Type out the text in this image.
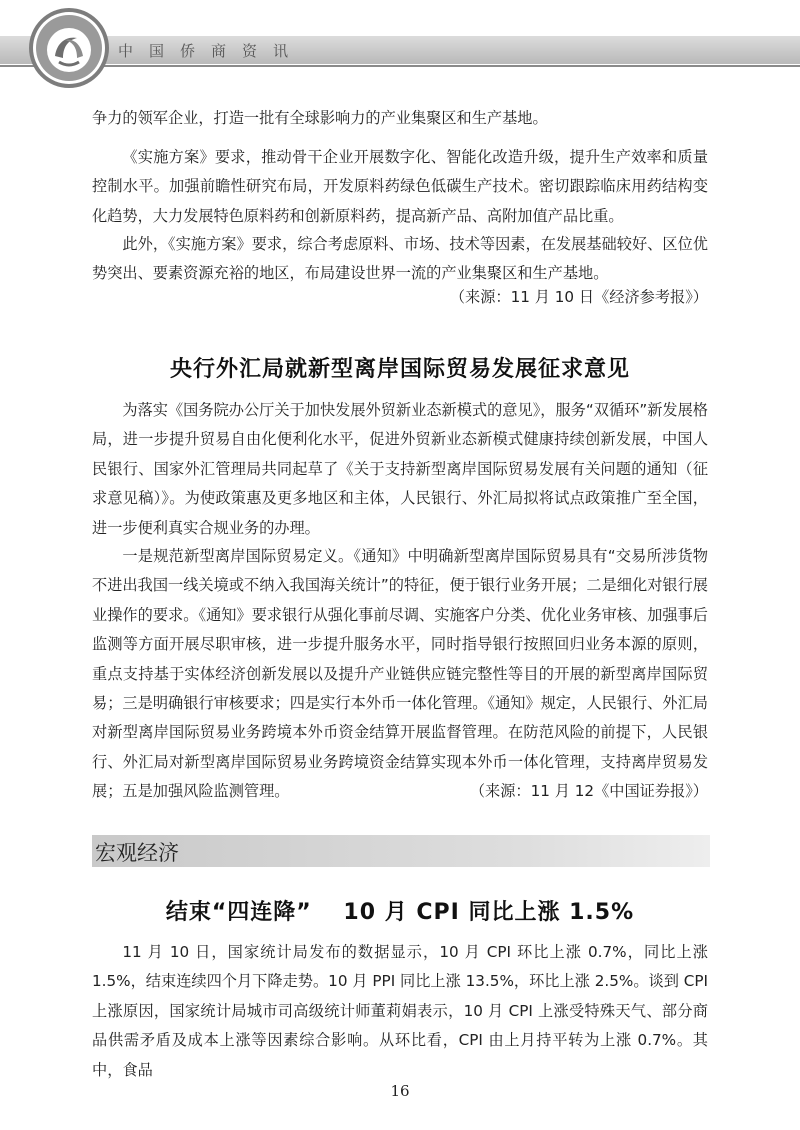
中国侨商资讯

争力的领军企业，打造一批有全球影响力的产业集聚区和生产基地。

《实施方案》要求，推动骨干企业开展数字化、智能化改造升级，提升生产效率和质量控制水平。加强前瞻性研究布局，开发原料药绿色低碳生产技术。密切跟踪临床用药结构变化趋势，大力发展特色原料药和创新原料药，提高新产品、高附加值产品比重。

此外，《实施方案》要求，综合考虑原料、市场、技术等因素，在发展基础较好、区位优势突出、要素资源充裕的地区，布局建设世界一流的产业集聚区和生产基地。

（来源：11 月 10 日《经济参考报》）
央行外汇局就新型离岸国际贸易发展征求意见

为落实《国务院办公厅关于加快发展外贸新业态新模式的意见》，服务“双循环”新发展格局，进一步提升贸易自由化便利化水平，促进外贸新业态新模式健康持续创新发展，中国人民银行、国家外汇管理局共同起草了《关于支持新型离岸国际贸易发展有关问题的通知（征求意见稿）》。为使政策惠及更多地区和主体，人民银行、外汇局拟将试点政策推广至全国，进一步便利真实合规业务的办理。

一是规范新型离岸国际贸易定义。《通知》中明确新型离岸国际贸易具有“交易所涉货物不进出我国一线关境或不纳入我国海关统计”的特征，便于银行业务开展；二是细化对银行展业操作的要求。《通知》要求银行从强化事前尽调、实施客户分类、优化业务审核、加强事后监测等方面开展尽职审核，进一步提升服务水平，同时指导银行按照回归业务本源的原则，重点支持基于实体经济创新发展以及提升产业链供应链完整性等目的开展的新型离岸国际贸易；三是明确银行审核要求；四是实行本外币一体化管理。《通知》规定，人民银行、外汇局对新型离岸国际贸易业务跨境本外币资金结算开展监督管理。在防范风险的前提下，人民银行、外汇局对新型离岸国际贸易业务跨境资金结算实现本外币一体化管理，支持离岸贸易发展；五是加强风险监测管理。	（来源：11 月 12《中国证券报》）

宏观经济
结束“四连降”　 10 月 CPI 同比上涨 1.5%

11 月 10 日，国家统计局发布的数据显示，10 月 CPI 环比上涨 0.7%，同比上涨 1.5%，结束连续四个月下降走势。10 月 PPI 同比上涨 13.5%，环比上涨 2.5%。谈到 CPI 上涨原因，国家统计局城市司高级统计师董莉娟表示，10 月 CPI 上涨受特殊天气、部分商品供需矛盾及成本上涨等因素综合影响。从环比看，CPI 由上月持平转为上涨 0.7%。其中，食品

16
